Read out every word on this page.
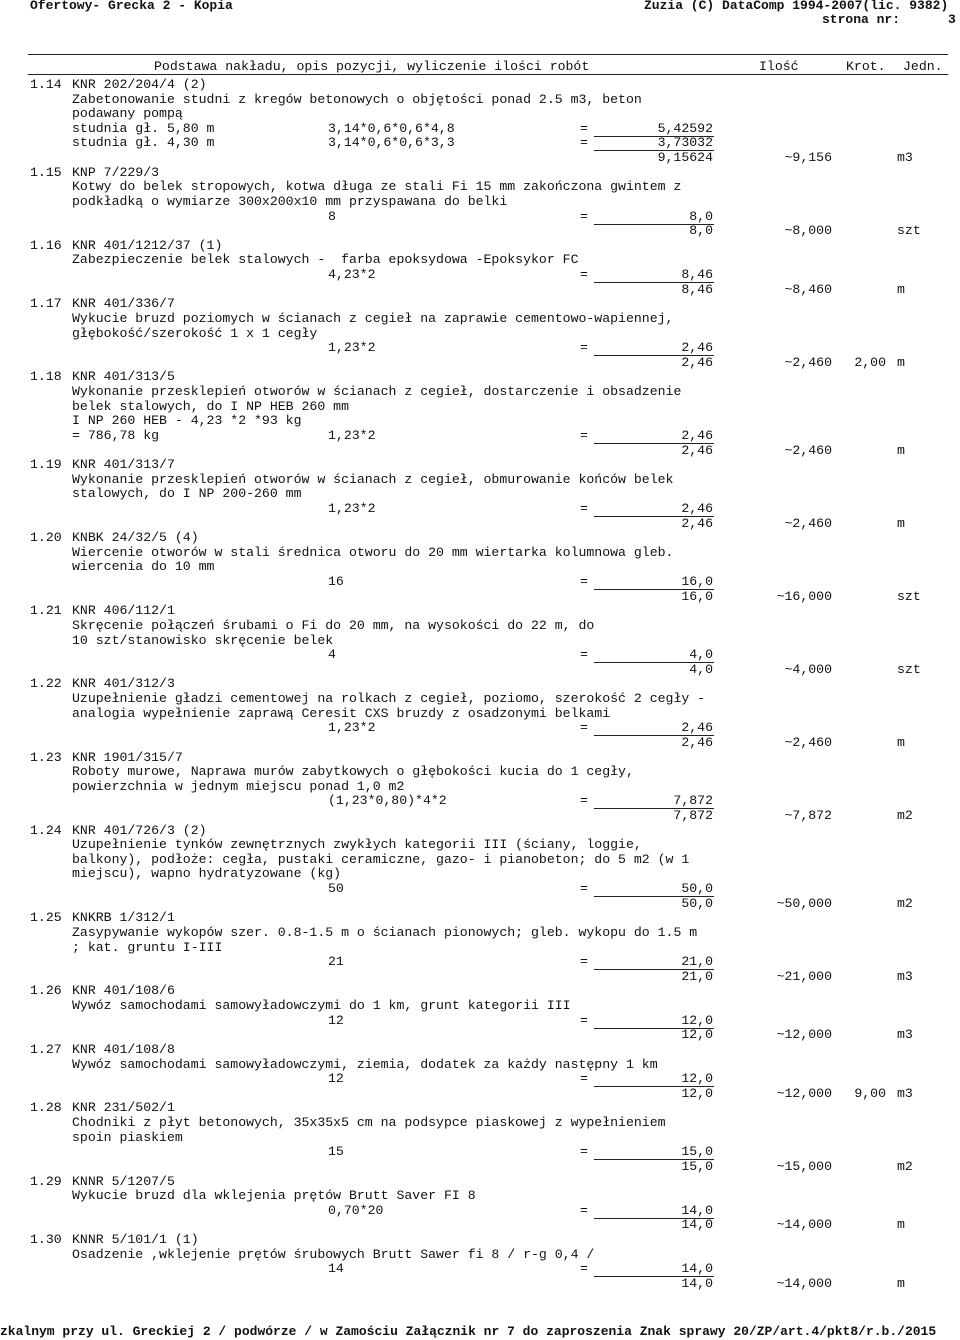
Ofertowy- Grecka 2 - Kopia	Zuzia (C) DataComp 1994-2007(lic. 9382)
strona nr:	3
Podstawa nakładu, opis pozycji, wyliczenie ilości robót	Ilość	Krot. Jedn.
1.14 KNR 202/204/4 (2)
Zabetonowanie studni z kregów betonowych o objętości ponad 2.5 m3, beton
podawany pompą
studnia gł. 5,80 m	3,14*0,6*0,6*4,8	=	5,42592
studnia gł. 4,30 m	3,14*0,6*0,6*3,3	=	3,73032
9,15624	~9,156	m3
1.15 KNP 7/229/3
Kotwy do belek stropowych, kotwa długa ze stali Fi 15 mm zakończona gwintem z
podkładką o wymiarze 300x200x10 mm przyspawana do belki
8	=	8,0
8,0	~8,000	szt
1.16 KNR 401/1212/37 (1)
Zabezpieczenie belek stalowych -  farba epoksydowa -Epoksykor FC
4,23*2	=	8,46
8,46	~8,460	m
1.17 KNR 401/336/7
Wykucie bruzd poziomych w ścianach z cegieł na zaprawie cementowo-wapiennej,
głębokość/szerokość 1 x 1 cegły
1,23*2	=	2,46
2,46	~2,460 2,00 m
1.18 KNR 401/313/5
Wykonanie przesklepień otworów w ścianach z cegieł, dostarczenie i obsadzenie
belek stalowych, do I NP HEB 260 mm
I NP 260 HEB - 4,23 *2 *93 kg
= 786,78 kg	1,23*2	=	2,46
2,46	~2,460	m
1.19 KNR 401/313/7
Wykonanie przesklepień otworów w ścianach z cegieł, obmurowanie końców belek
stalowych, do I NP 200-260 mm
1,23*2	=	2,46
2,46	~2,460	m
1.20 KNBK 24/32/5 (4)
Wiercenie otworów w stali średnica otworu do 20 mm wiertarka kolumnowa gleb.
wiercenia do 10 mm
16	=	16,0
16,0	~16,000	szt
1.21 KNR 406/112/1
Skręcenie połączeń śrubami o Fi do 20 mm, na wysokości do 22 m, do
10 szt/stanowisko skręcenie belek
4	=	4,0
4,0	~4,000	szt
1.22 KNR 401/312/3
Uzupełnienie gładzi cementowej na rolkach z cegieł, poziomo, szerokość 2 cegły -
analogia wypełnienie zaprawą Ceresit CXS bruzdy z osadzonymi belkami
1,23*2	=	2,46
2,46	~2,460	m
1.23 KNR 1901/315/7
Roboty murowe, Naprawa murów zabytkowych o głębokości kucia do 1 cegły,
powierzchnia w jednym miejscu ponad 1,0 m2
(1,23*0,80)*4*2	=	7,872
7,872	~7,872	m2
1.24 KNR 401/726/3 (2)
Uzupełnienie tynków zewnętrznych zwykłych kategorii III (ściany, loggie,
balkony), podłoże: cegła, pustaki ceramiczne, gazo- i pianobeton; do 5 m2 (w 1
miejscu), wapno hydratyzowane (kg)
50	=	50,0
50,0	~50,000	m2
1.25 KNKRB 1/312/1
Zasypywanie wykopów szer. 0.8-1.5 m o ścianach pionowych; gleb. wykopu do 1.5 m
; kat. gruntu I-III
21	=	21,0
21,0	~21,000	m3
1.26 KNR 401/108/6
Wywóz samochodami samowyładowczymi do 1 km, grunt kategorii III
12	=	12,0
12,0	~12,000	m3
1.27 KNR 401/108/8
Wywóz samochodami samowyładowczymi, ziemia, dodatek za każdy następny 1 km
12	=	12,0
12,0	~12,000 9,00 m3
1.28 KNR 231/502/1
Chodniki z płyt betonowych, 35x35x5 cm na podsypce piaskowej z wypełnieniem
spoin piaskiem
15	=	15,0
15,0	~15,000	m2
1.29 KNNR 5/1207/5
Wykucie bruzd dla wklejenia prętów Brutt Saver FI 8
0,70*20	=	14,0
14,0	~14,000	m
1.30 KNNR 5/101/1 (1)
Osadzenie ,wklejenie prętów śrubowych Brutt Sawer fi 8 / r-g 0,4 /
14	=	14,0
14,0	~14,000	m
zkalnym przy ul. Greckiej 2 / podwórze / w Zamościu Załącznik nr 7 do zaproszenia Znak sprawy 20/ZP/art.4/pkt8/r.b./2015
